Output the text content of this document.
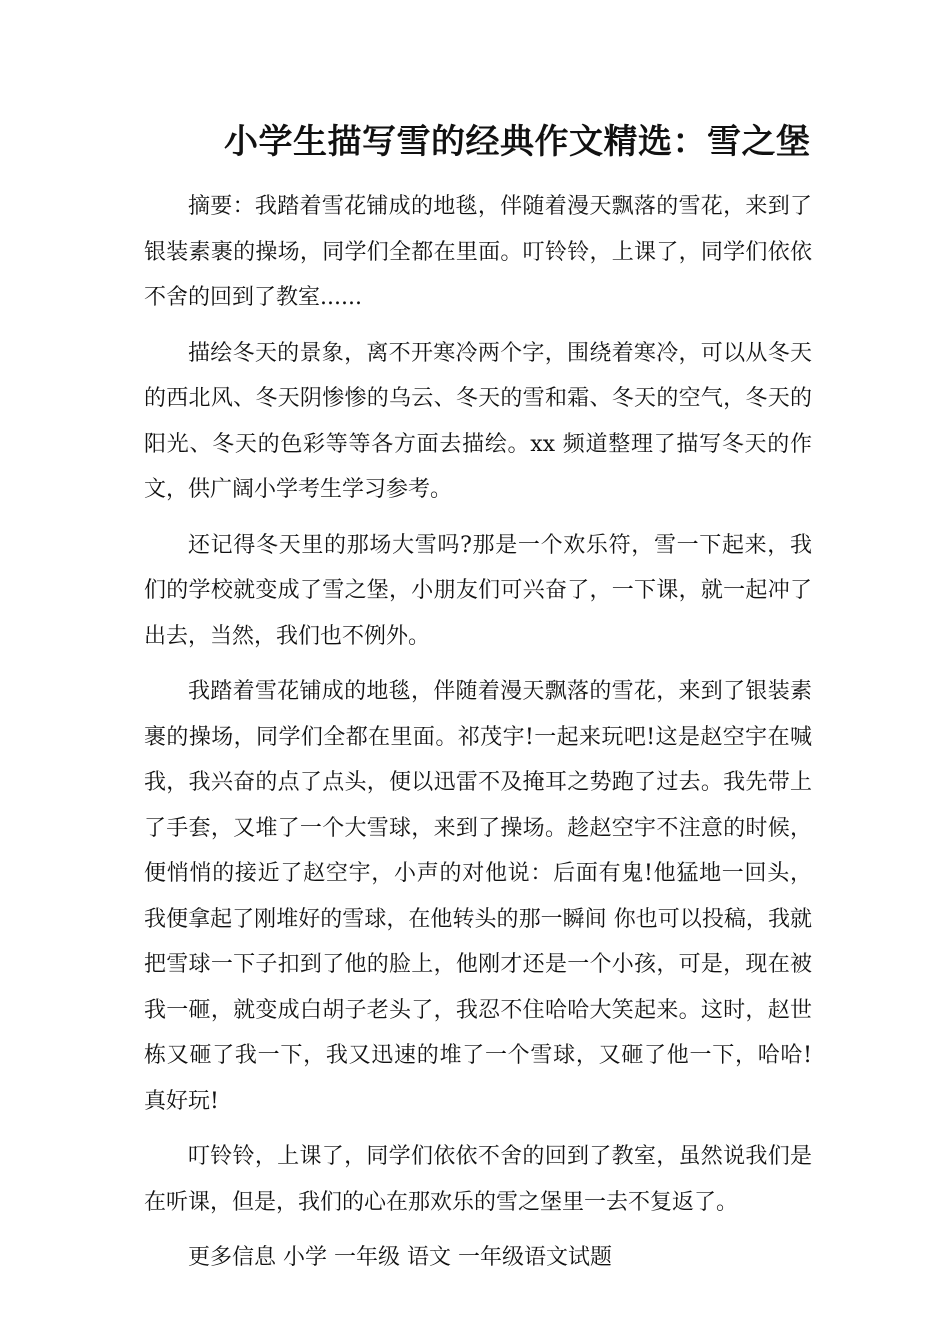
小学生描写雪的经典作文精选：雪之堡

摘要：我踏着雪花铺成的地毯，伴随着漫天飘落的雪花，来到了银装素裹的操场，同学们全都在里面。叮铃铃，上课了，同学们依依不舍的回到了教室......

描绘冬天的景象，离不开寒冷两个字，围绕着寒冷，可以从冬天的西北风、冬天阴惨惨的乌云、冬天的雪和霜、冬天的空气，冬天的阳光、冬天的色彩等等各方面去描绘。xx 频道整理了描写冬天的作文，供广阔小学考生学习参考。

还记得冬天里的那场大雪吗?那是一个欢乐符，雪一下起来，我们的学校就变成了雪之堡，小朋友们可兴奋了，一下课，就一起冲了出去，当然，我们也不例外。

我踏着雪花铺成的地毯，伴随着漫天飘落的雪花，来到了银装素裹的操场，同学们全都在里面。祁茂宇!一起来玩吧!这是赵空宇在喊我，我兴奋的点了点头，便以迅雷不及掩耳之势跑了过去。我先带上了手套，又堆了一个大雪球，来到了操场。趁赵空宇不注意的时候，便悄悄的接近了赵空宇，小声的对他说：后面有鬼!他猛地一回头，我便拿起了刚堆好的雪球，在他转头的那一瞬间 你也可以投稿，我就把雪球一下子扣到了他的脸上，他刚才还是一个小孩，可是，现在被我一砸，就变成白胡子老头了，我忍不住哈哈大笑起来。这时，赵世栋又砸了我一下，我又迅速的堆了一个雪球，又砸了他一下，哈哈!真好玩!

叮铃铃，上课了，同学们依依不舍的回到了教室，虽然说我们是在听课，但是，我们的心在那欢乐的雪之堡里一去不复返了。

更多信息 小学 一年级 语文 一年级语文试题
